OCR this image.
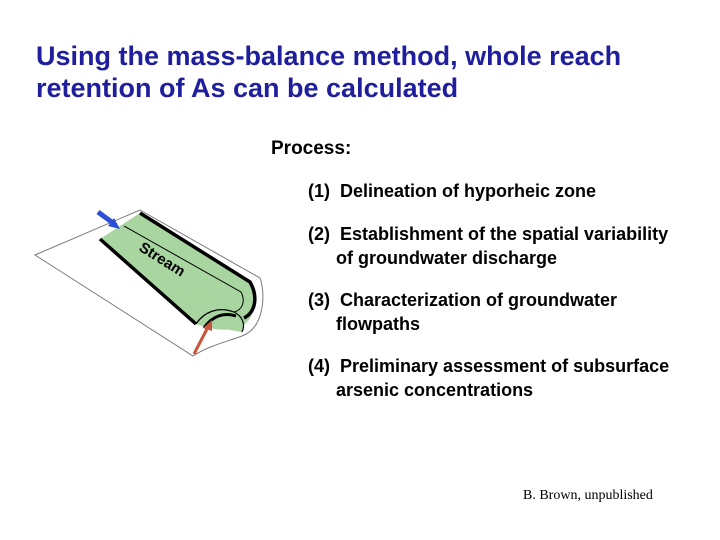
Using the mass-balance method, whole reach
retention of As can be calculated
Process:
(1) Delineation of hyporheic zone
(2) Establishment of the spatial variability
of groundwater discharge
(3) Characterization of groundwater
flowpaths
(4) Preliminary assessment of subsurface
arsenic concentrations
Stream
B. Brown, unpublished
